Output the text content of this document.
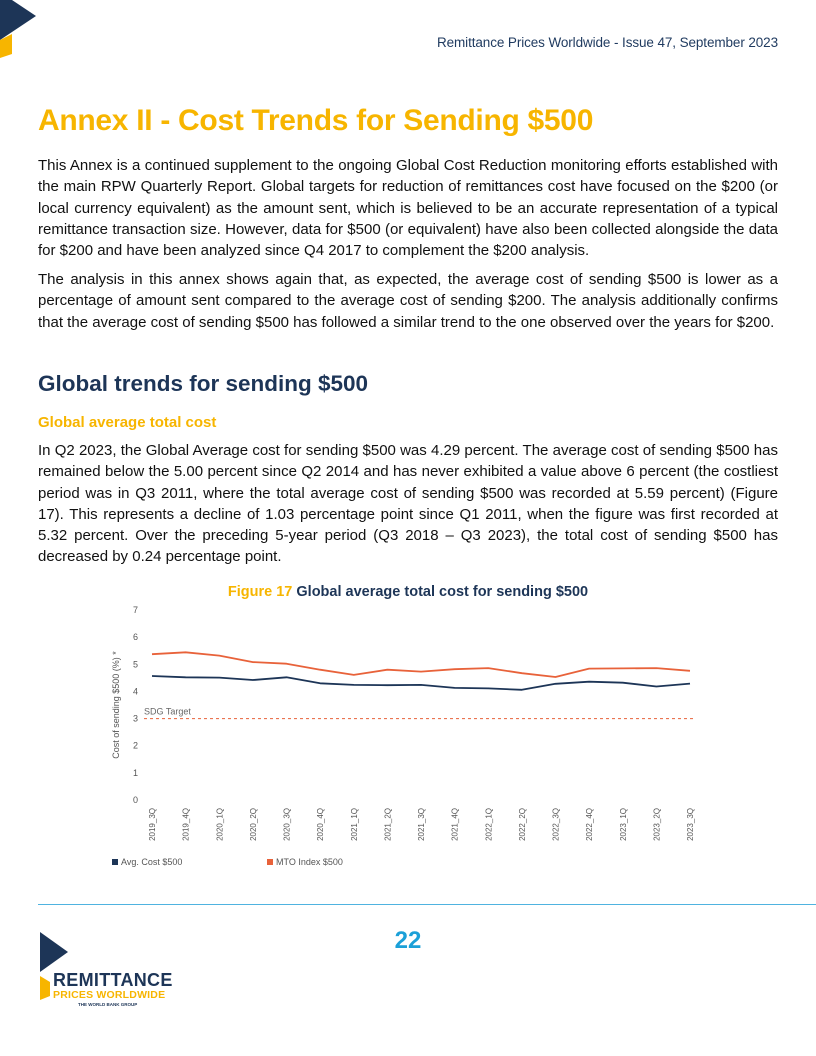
Remittance Prices Worldwide - Issue 47, September 2023
Annex II - Cost Trends for Sending $500

This Annex is a continued supplement to the ongoing Global Cost Reduction monitoring efforts established with the main RPW Quarterly Report. Global targets for reduction of remittances cost have focused on the $200 (or local currency equivalent) as the amount sent, which is believed to be an accurate representation of a typical remittance transaction size. However, data for $500 (or equivalent) have also been collected alongside the data for $200 and have been analyzed since Q4 2017 to complement the $200 analysis.

The analysis in this annex shows again that, as expected, the average cost of sending $500 is lower as a percentage of amount sent compared to the average cost of sending $200. The analysis additionally confirms that the average cost of sending $500 has followed a similar trend to the one observed over the years for $200.

Global trends for sending $500
Global average total cost

In Q2 2023, the Global Average cost for sending $500 was 4.29 percent. The average cost of sending $500 has remained below the 5.00 percent since Q2 2014 and has never exhibited a value above 6 percent (the costliest period was in Q3 2011, where the total average cost of sending $500 was recorded at 5.59 percent) (Figure 17). This represents a decline of 1.03 percentage point since Q1 2011, when the figure was first recorded at 5.32 percent. Over the preceding 5-year period (Q3 2018 – Q3 2023), the total cost of sending $500 has decreased by 0.24 percentage point.

Figure 17 Global average total cost for sending $500
0
1
2
3
4
5
6
7
SDG Target
2019_3Q	2019_4Q	2020_1Q	2020_2Q	2020_3Q	2020_4Q	2021_1Q	2021_2Q	2021_3Q	2021_4Q	2022_1Q	2022_2Q	2022_3Q	2022_4Q	2023_1Q	2023_2Q	2023_3Q
Avg. Cost $500	MTO Index $500
Cost of sending $500 (%) *
22
REMITTANCE
PRICES WORLDWIDE
THE WORLD BANK GROUP
